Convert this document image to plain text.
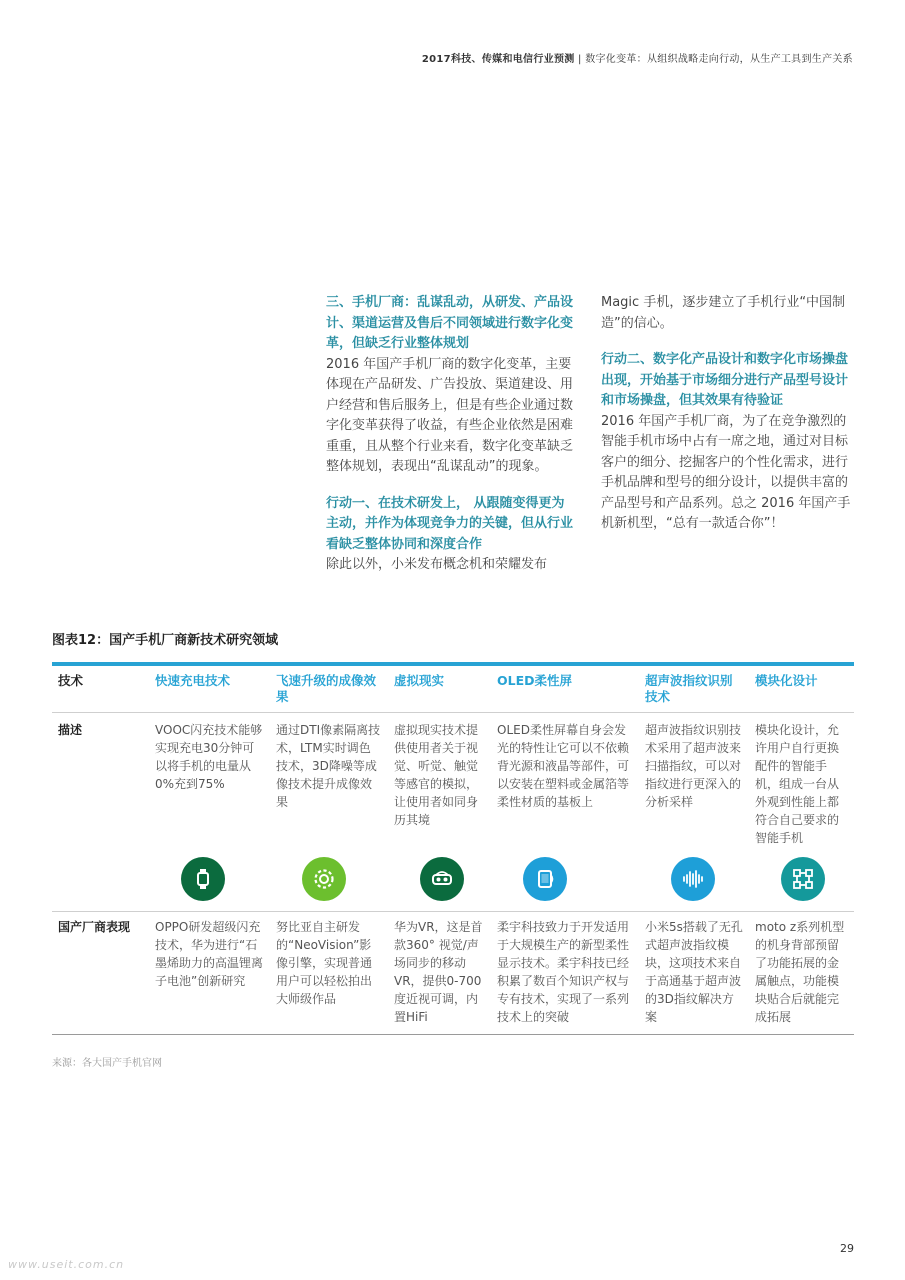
2017科技、传媒和电信行业预测 | 数字化变革：从组织战略走向行动，从生产工具到生产关系

三、手机厂商：乱谋乱动，从研发、产品设计、渠道运营及售后不同领域进行数字化变革，但缺乏行业整体规划

2016 年国产手机厂商的数字化变革，主要体现在产品研发、广告投放、渠道建设、用户经营和售后服务上，但是有些企业通过数字化变革获得了收益，有些企业依然是困难重重，且从整个行业来看，数字化变革缺乏整体规划，表现出“乱谋乱动”的现象。

行动一、在技术研发上， 从跟随变得更为主动，并作为体现竞争力的关键，但从行业看缺乏整体协同和深度合作

除此以外，小米发布概念机和荣耀发布

Magic 手机，逐步建立了手机行业“中国制造”的信心。

行动二、数字化产品设计和数字化市场操盘出现，开始基于市场细分进行产品型号设计和市场操盘，但其效果有待验证

2016 年国产手机厂商，为了在竞争激烈的智能手机市场中占有一席之地，通过对目标客户的细分、挖掘客户的个性化需求，进行手机品牌和型号的细分设计，以提供丰富的产品型号和产品系列。总之 2016 年国产手机新机型，“总有一款适合你”！

图表12：国产手机厂商新技术研究领域
技术	快速充电技术	飞速升级的成像效果	虚拟现实	OLED柔性屏	超声波指纹识别技术	模块化设计
描述	VOOC闪充技术能够实现充电30分钟可以将手机的电量从0%充到75%	通过DTI像素隔离技术，LTM实时调色技术，3D降噪等成像技术提升成像效果	虚拟现实技术提供使用者关于视觉、听觉、触觉等感官的模拟，让使用者如同身历其境	OLED柔性屏幕自身会发光的特性让它可以不依赖背光源和液晶等部件，可以安装在塑料或金属箔等柔性材质的基板上	超声波指纹识别技术采用了超声波来扫描指纹，可以对指纹进行更深入的分析采样	模块化设计，允许用户自行更换配件的智能手机，组成一台从外观到性能上都符合自己要求的智能手机

国产厂商表现	OPPO研发超级闪充技术，华为进行“石墨烯助力的高温锂离子电池”创新研究	努比亚自主研发的“NeoVision”影像引擎，实现普通用户可以轻松拍出大师级作品	华为VR，这是首款360° 视觉/声场同步的移动VR，提供0-700度近视可调，内置HiFi	柔宇科技致力于开发适用于大规模生产的新型柔性显示技术。柔宇科技已经积累了数百个知识产权与专有技术，实现了一系列技术上的突破	小米5s搭载了无孔式超声波指纹模块，这项技术来自于高通基于超声波的3D指纹解决方案	moto z系列机型的机身背部预留了功能拓展的金属触点，功能模块贴合后就能完成拓展
来源：各大国产手机官网
29
www.useit.com.cn
